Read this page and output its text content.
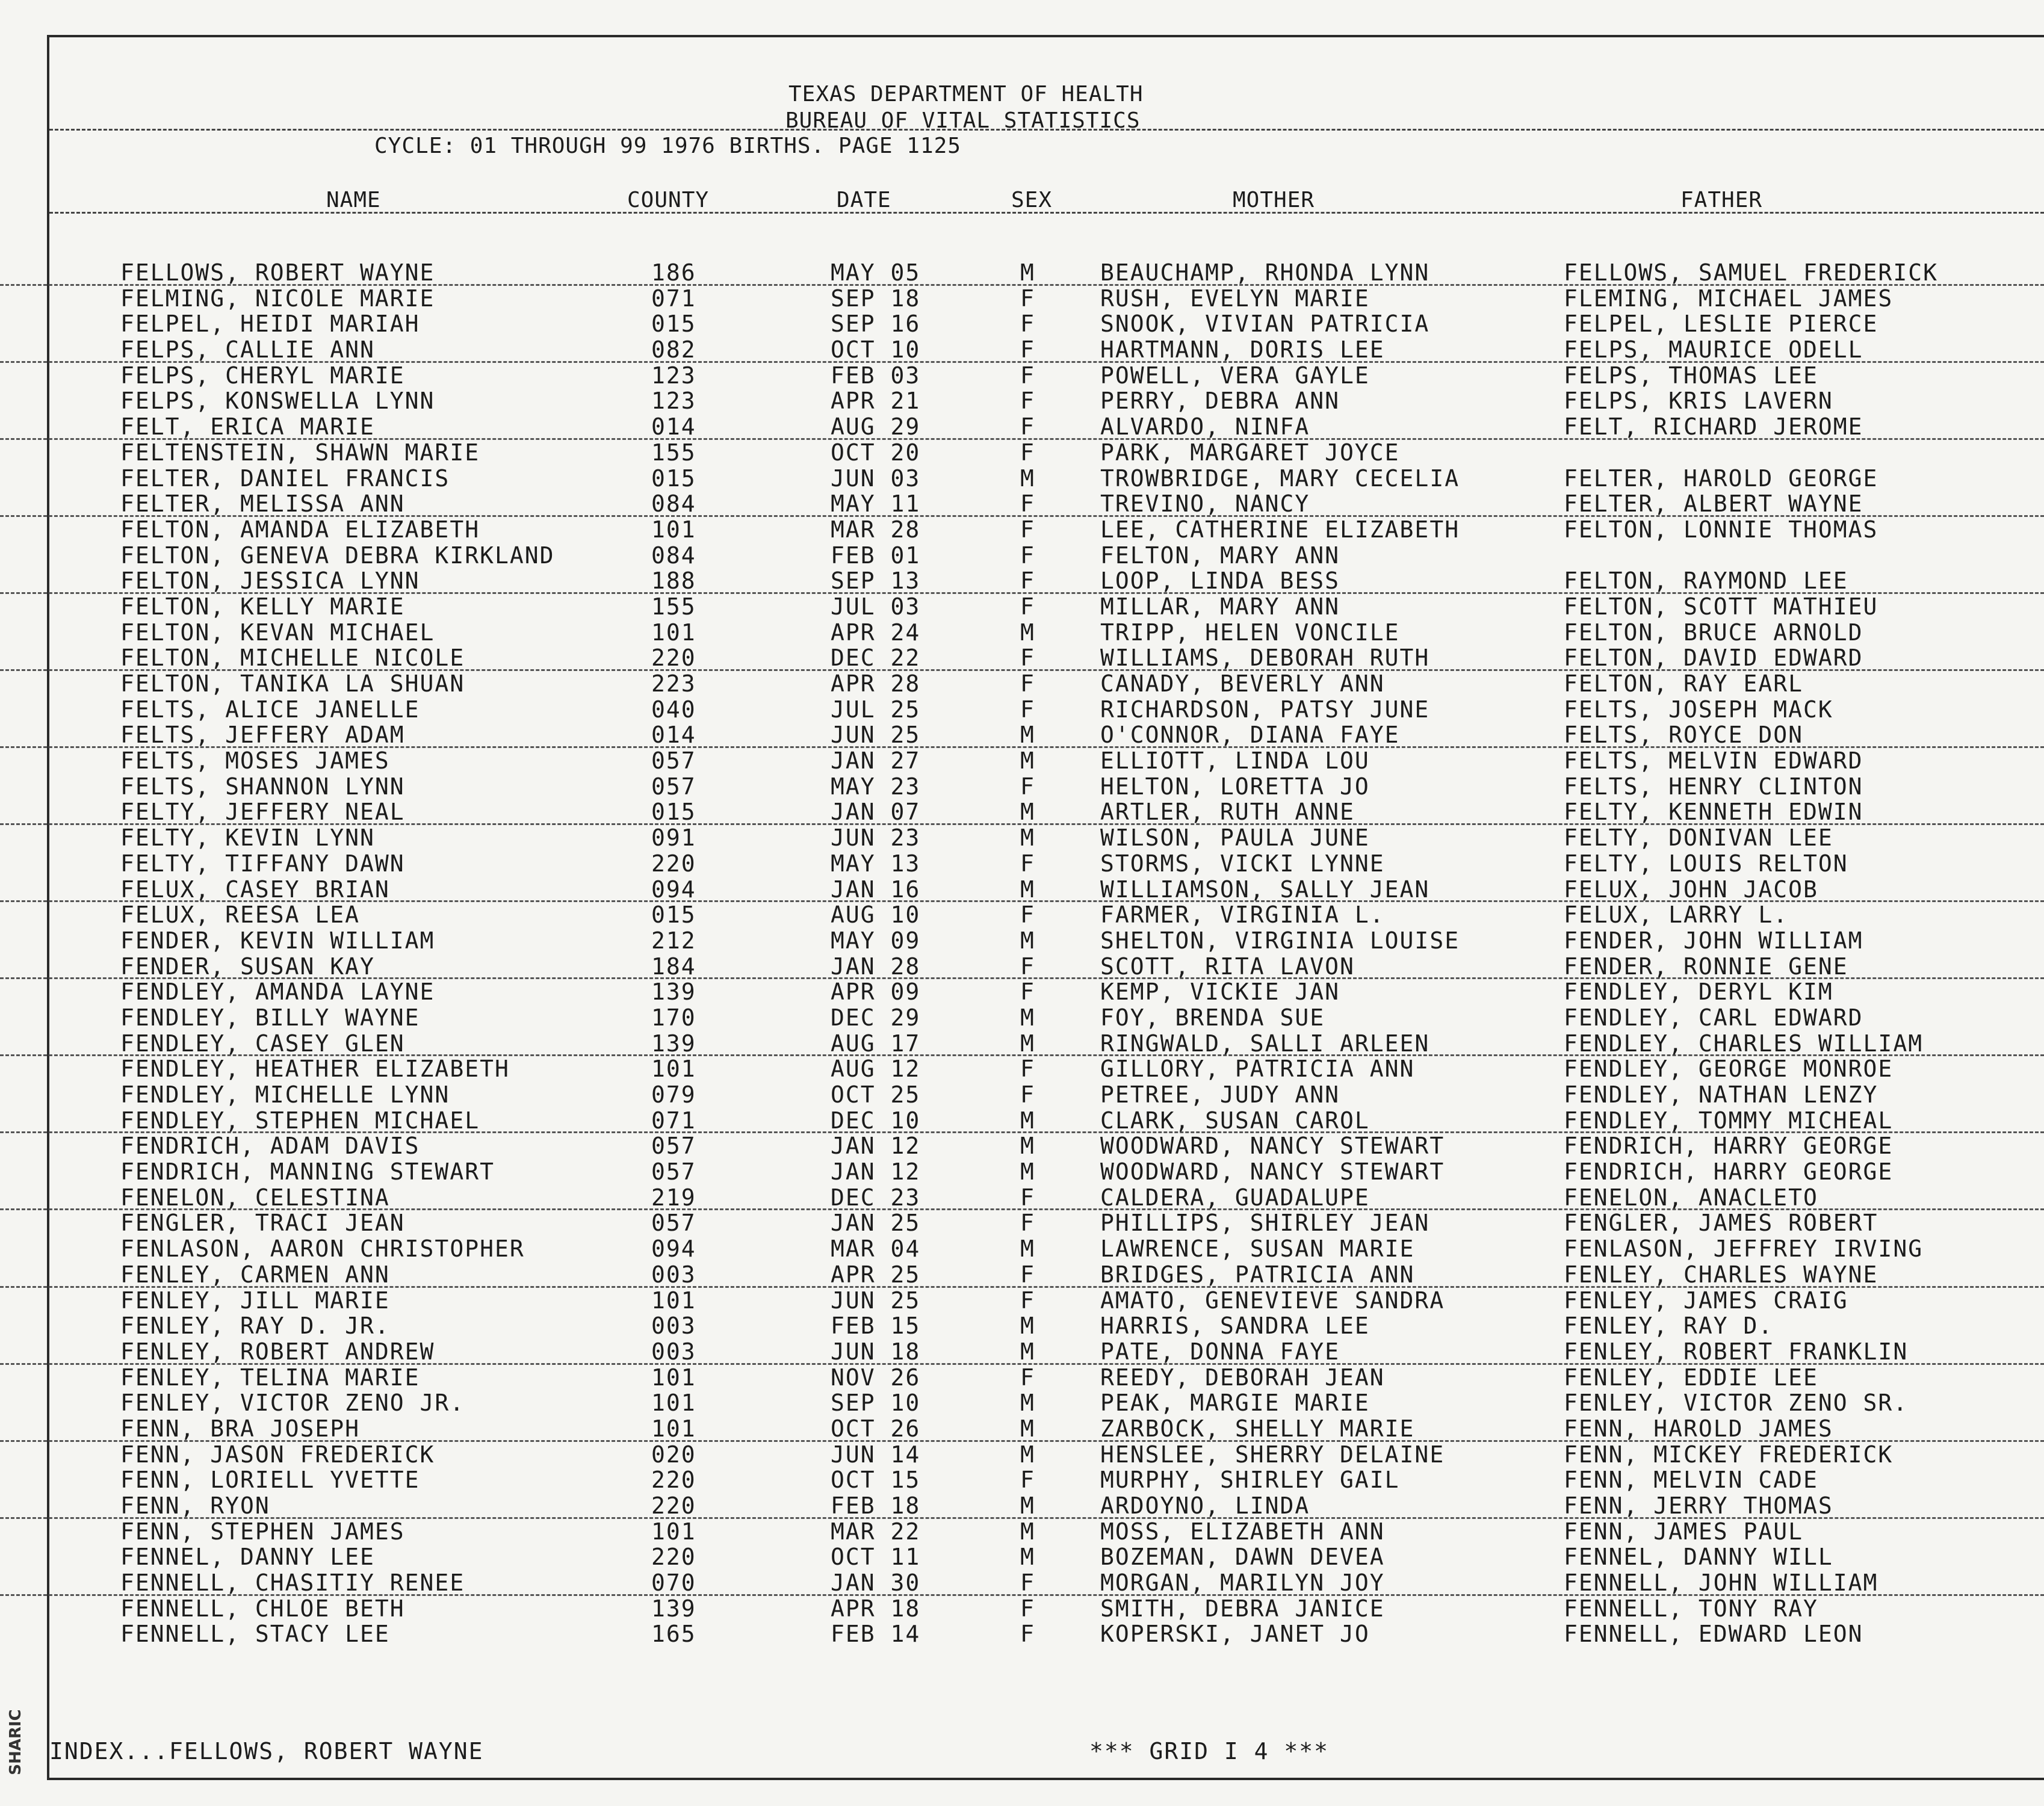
SHARIC
TEXAS DEPARTMENT OF HEALTH
BUREAU OF VITAL STATISTICS
CYCLE: 01 THROUGH 99 1976 BIRTHS. PAGE 1125
NAME	COUNTY	DATE	SEX	MOTHER	FATHER
FELLOWS, ROBERT WAYNE	186	MAY 05	M	BEAUCHAMP, RHONDA LYNN	FELLOWS, SAMUEL FREDERICK
FELMING, NICOLE MARIE	071	SEP 18	F	RUSH, EVELYN MARIE	FLEMING, MICHAEL JAMES
FELPEL, HEIDI MARIAH	015	SEP 16	F	SNOOK, VIVIAN PATRICIA	FELPEL, LESLIE PIERCE
FELPS, CALLIE ANN	082	OCT 10	F	HARTMANN, DORIS LEE	FELPS, MAURICE ODELL
FELPS, CHERYL MARIE	123	FEB 03	F	POWELL, VERA GAYLE	FELPS, THOMAS LEE
FELPS, KONSWELLA LYNN	123	APR 21	F	PERRY, DEBRA ANN	FELPS, KRIS LAVERN
FELT, ERICA MARIE	014	AUG 29	F	ALVARDO, NINFA	FELT, RICHARD JEROME
FELTENSTEIN, SHAWN MARIE	155	OCT 20	F	PARK, MARGARET JOYCE
FELTER, DANIEL FRANCIS	015	JUN 03	M	TROWBRIDGE, MARY CECELIA	FELTER, HAROLD GEORGE
FELTER, MELISSA ANN	084	MAY 11	F	TREVINO, NANCY	FELTER, ALBERT WAYNE
FELTON, AMANDA ELIZABETH	101	MAR 28	F	LEE, CATHERINE ELIZABETH	FELTON, LONNIE THOMAS
FELTON, GENEVA DEBRA KIRKLAND	084	FEB 01	F	FELTON, MARY ANN
FELTON, JESSICA LYNN	188	SEP 13	F	LOOP, LINDA BESS	FELTON, RAYMOND LEE
FELTON, KELLY MARIE	155	JUL 03	F	MILLAR, MARY ANN	FELTON, SCOTT MATHIEU
FELTON, KEVAN MICHAEL	101	APR 24	M	TRIPP, HELEN VONCILE	FELTON, BRUCE ARNOLD
FELTON, MICHELLE NICOLE	220	DEC 22	F	WILLIAMS, DEBORAH RUTH	FELTON, DAVID EDWARD
FELTON, TANIKA LA SHUAN	223	APR 28	F	CANADY, BEVERLY ANN	FELTON, RAY EARL
FELTS, ALICE JANELLE	040	JUL 25	F	RICHARDSON, PATSY JUNE	FELTS, JOSEPH MACK
FELTS, JEFFERY ADAM	014	JUN 25	M	O'CONNOR, DIANA FAYE	FELTS, ROYCE DON
FELTS, MOSES JAMES	057	JAN 27	M	ELLIOTT, LINDA LOU	FELTS, MELVIN EDWARD
FELTS, SHANNON LYNN	057	MAY 23	F	HELTON, LORETTA JO	FELTS, HENRY CLINTON
FELTY, JEFFERY NEAL	015	JAN 07	M	ARTLER, RUTH ANNE	FELTY, KENNETH EDWIN
FELTY, KEVIN LYNN	091	JUN 23	M	WILSON, PAULA JUNE	FELTY, DONIVAN LEE
FELTY, TIFFANY DAWN	220	MAY 13	F	STORMS, VICKI LYNNE	FELTY, LOUIS RELTON
FELUX, CASEY BRIAN	094	JAN 16	M	WILLIAMSON, SALLY JEAN	FELUX, JOHN JACOB
FELUX, REESA LEA	015	AUG 10	F	FARMER, VIRGINIA L.	FELUX, LARRY L.
FENDER, KEVIN WILLIAM	212	MAY 09	M	SHELTON, VIRGINIA LOUISE	FENDER, JOHN WILLIAM
FENDER, SUSAN KAY	184	JAN 28	F	SCOTT, RITA LAVON	FENDER, RONNIE GENE
FENDLEY, AMANDA LAYNE	139	APR 09	F	KEMP, VICKIE JAN	FENDLEY, DERYL KIM
FENDLEY, BILLY WAYNE	170	DEC 29	M	FOY, BRENDA SUE	FENDLEY, CARL EDWARD
FENDLEY, CASEY GLEN	139	AUG 17	M	RINGWALD, SALLI ARLEEN	FENDLEY, CHARLES WILLIAM
FENDLEY, HEATHER ELIZABETH	101	AUG 12	F	GILLORY, PATRICIA ANN	FENDLEY, GEORGE MONROE
FENDLEY, MICHELLE LYNN	079	OCT 25	F	PETREE, JUDY ANN	FENDLEY, NATHAN LENZY
FENDLEY, STEPHEN MICHAEL	071	DEC 10	M	CLARK, SUSAN CAROL	FENDLEY, TOMMY MICHEAL
FENDRICH, ADAM DAVIS	057	JAN 12	M	WOODWARD, NANCY STEWART	FENDRICH, HARRY GEORGE
FENDRICH, MANNING STEWART	057	JAN 12	M	WOODWARD, NANCY STEWART	FENDRICH, HARRY GEORGE
FENELON, CELESTINA	219	DEC 23	F	CALDERA, GUADALUPE	FENELON, ANACLETO
FENGLER, TRACI JEAN	057	JAN 25	F	PHILLIPS, SHIRLEY JEAN	FENGLER, JAMES ROBERT
FENLASON, AARON CHRISTOPHER	094	MAR 04	M	LAWRENCE, SUSAN MARIE	FENLASON, JEFFREY IRVING
FENLEY, CARMEN ANN	003	APR 25	F	BRIDGES, PATRICIA ANN	FENLEY, CHARLES WAYNE
FENLEY, JILL MARIE	101	JUN 25	F	AMATO, GENEVIEVE SANDRA	FENLEY, JAMES CRAIG
FENLEY, RAY D. JR.	003	FEB 15	M	HARRIS, SANDRA LEE	FENLEY, RAY D.
FENLEY, ROBERT ANDREW	003	JUN 18	M	PATE, DONNA FAYE	FENLEY, ROBERT FRANKLIN
FENLEY, TELINA MARIE	101	NOV 26	F	REEDY, DEBORAH JEAN	FENLEY, EDDIE LEE
FENLEY, VICTOR ZENO JR.	101	SEP 10	M	PEAK, MARGIE MARIE	FENLEY, VICTOR ZENO SR.
FENN, BRA JOSEPH	101	OCT 26	M	ZARBOCK, SHELLY MARIE	FENN, HAROLD JAMES
FENN, JASON FREDERICK	020	JUN 14	M	HENSLEE, SHERRY DELAINE	FENN, MICKEY FREDERICK
FENN, LORIELL YVETTE	220	OCT 15	F	MURPHY, SHIRLEY GAIL	FENN, MELVIN CADE
FENN, RYON	220	FEB 18	M	ARDOYNO, LINDA	FENN, JERRY THOMAS
FENN, STEPHEN JAMES	101	MAR 22	M	MOSS, ELIZABETH ANN	FENN, JAMES PAUL
FENNEL, DANNY LEE	220	OCT 11	M	BOZEMAN, DAWN DEVEA	FENNEL, DANNY WILL
FENNELL, CHASITIY RENEE	070	JAN 30	F	MORGAN, MARILYN JOY	FENNELL, JOHN WILLIAM
FENNELL, CHLOE BETH	139	APR 18	F	SMITH, DEBRA JANICE	FENNELL, TONY RAY
FENNELL, STACY LEE	165	FEB 14	F	KOPERSKI, JANET JO	FENNELL, EDWARD LEON
INDEX...FELLOWS, ROBERT WAYNE	*** GRID I 4 ***
